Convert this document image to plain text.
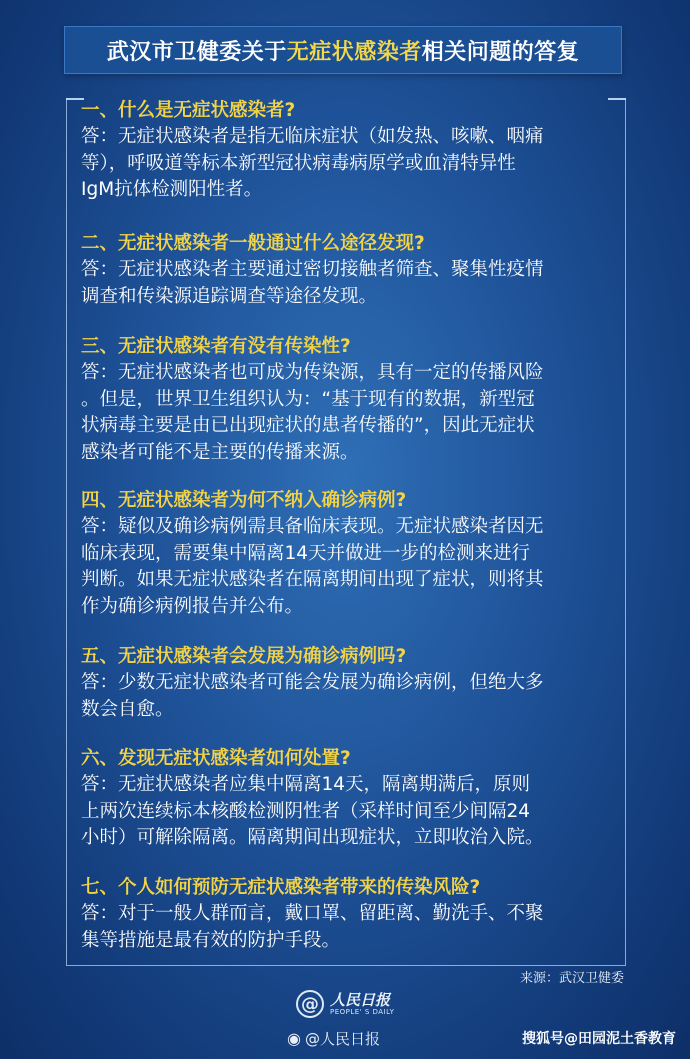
武汉市卫健委关于 无症状感染者 相关问题的答复
一、什么是无症状感染者?
答：无症状感染者是指无临床症状（如发热、咳嗽、咽痛
等），呼吸道等标本新型冠状病毒病原学或血清特异性
IgM抗体检测阳性者。
二、无症状感染者一般通过什么途径发现?
答：无症状感染者主要通过密切接触者筛查、聚集性疫情
调查和传染源追踪调查等途径发现。
三、无症状感染者有没有传染性?
答：无症状感染者也可成为传染源，具有一定的传播风险
。但是，世界卫生组织认为：“基于现有的数据，新型冠
状病毒主要是由已出现症状的患者传播的”，因此无症状
感染者可能不是主要的传播来源。
四、无症状感染者为何不纳入确诊病例?
答：疑似及确诊病例需具备临床表现。无症状感染者因无
临床表现，需要集中隔离14天并做进一步的检测来进行
判断。如果无症状感染者在隔离期间出现了症状，则将其
作为确诊病例报告并公布。
五、无症状感染者会发展为确诊病例吗?
答：少数无症状感染者可能会发展为确诊病例，但绝大多
数会自愈。
六、发现无症状感染者如何处置?
答：无症状感染者应集中隔离14天，隔离期满后，原则
上两次连续标本核酸检测阴性者（采样时间至少间隔24
小时）可解除隔离。隔离期间出现症状，立即收治入院。
七、个人如何预防无症状感染者带来的传染风险?
答：对于一般人群而言，戴口罩、留距离、勤洗手、不聚
集等措施是最有效的防护手段。
来源：武汉卫健委
@ 人民日报
PEOPLE' S DAILY
◉ @人民日报	搜狐号@田园泥土香教育
